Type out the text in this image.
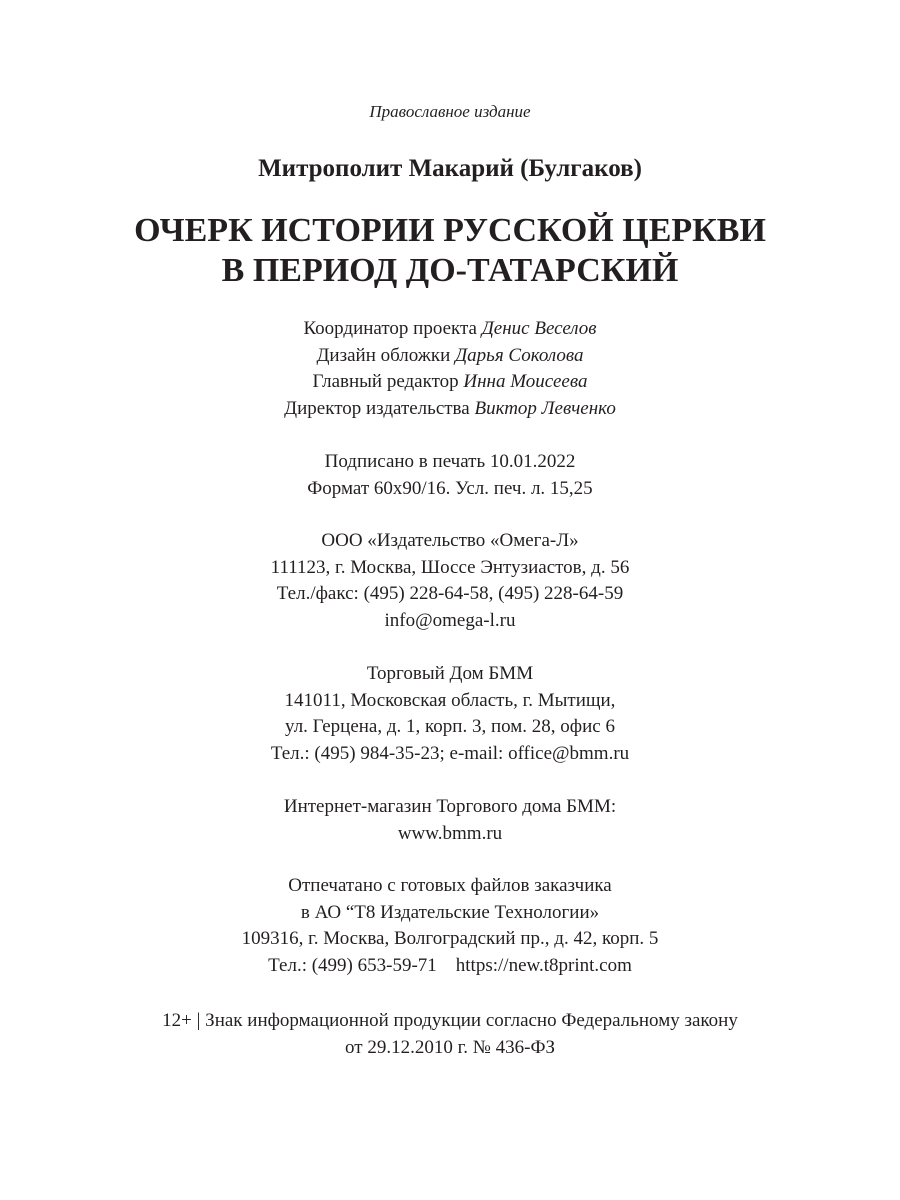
Православное издание
Митрополит Макарий (Булгаков)
ОЧЕРК ИСТОРИИ РУССКОЙ ЦЕРКВИ
В ПЕРИОД ДО-ТАТАРСКИЙ
Координатор проекта Денис Веселов
Дизайн обложки Дарья Соколова
Главный редактор Инна Моисеева
Директор издательства Виктор Левченко
Подписано в печать 10.01.2022
Формат 60x90/16. Усл. печ. л. 15,25
ООО «Издательство «Омега-Л»
111123, г. Москва, Шоссе Энтузиастов, д. 56
Тел./факс: (495) 228-64-58, (495) 228-64-59
info@omega-l.ru
Торговый Дом БММ
141011, Московская область, г. Мытищи,
ул. Герцена, д. 1, корп. 3, пом. 28, офис 6
Тел.: (495) 984-35-23; e-mail: office@bmm.ru
Интернет-магазин Торгового дома БММ:
www.bmm.ru
Отпечатано с готовых файлов заказчика
в АО “Т8 Издательские Технологии»
109316, г. Москва, Волгоградский пр., д. 42, корп. 5
Тел.: (499) 653-59-71    https://new.t8print.com
12+ | Знак информационной продукции согласно Федеральному закону
от 29.12.2010 г. № 436-ФЗ
